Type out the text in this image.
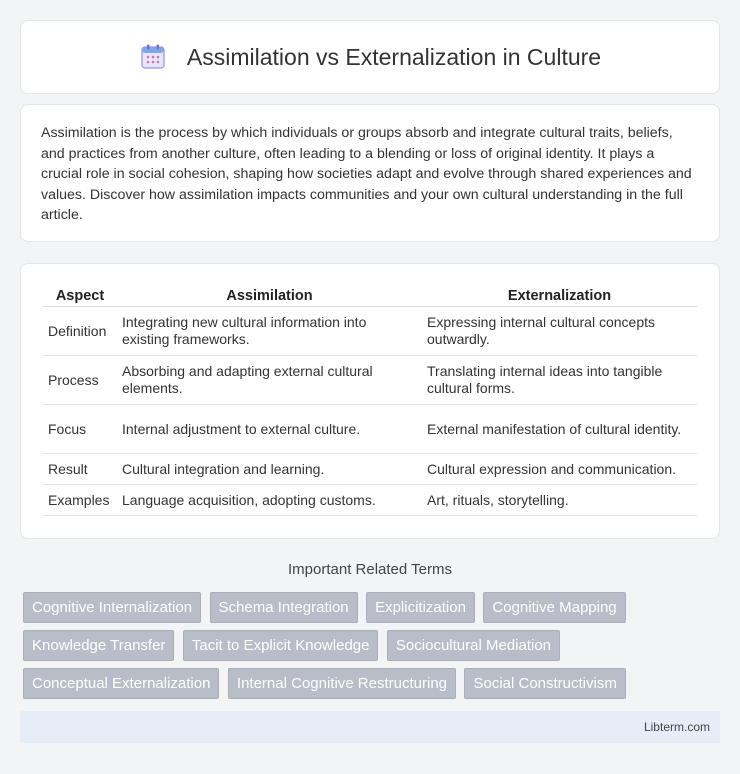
Assimilation vs Externalization in Culture

Assimilation is the process by which individuals or groups absorb and integrate cultural traits, beliefs, and practices from another culture, often leading to a blending or loss of original identity. It plays a crucial role in social cohesion, shaping how societies adapt and evolve through shared experiences and values. Discover how assimilation impacts communities and your own cultural understanding in the full article.

Aspect	Assimilation	Externalization
Definition	Integrating new cultural information into existing frameworks.	Expressing internal cultural concepts outwardly.
Process	Absorbing and adapting external cultural elements.	Translating internal ideas into tangible cultural forms.
Focus	Internal adjustment to external culture.	External manifestation of cultural identity.
Result	Cultural integration and learning.	Cultural expression and communication.
Examples	Language acquisition, adopting customs.	Art, rituals, storytelling.
Important Related Terms
Cognitive Internalization Schema Integration Explicitization Cognitive Mapping Knowledge Transfer Tacit to Explicit Knowledge Sociocultural Mediation Conceptual Externalization Internal Cognitive Restructuring Social Constructivism
Libterm.com
